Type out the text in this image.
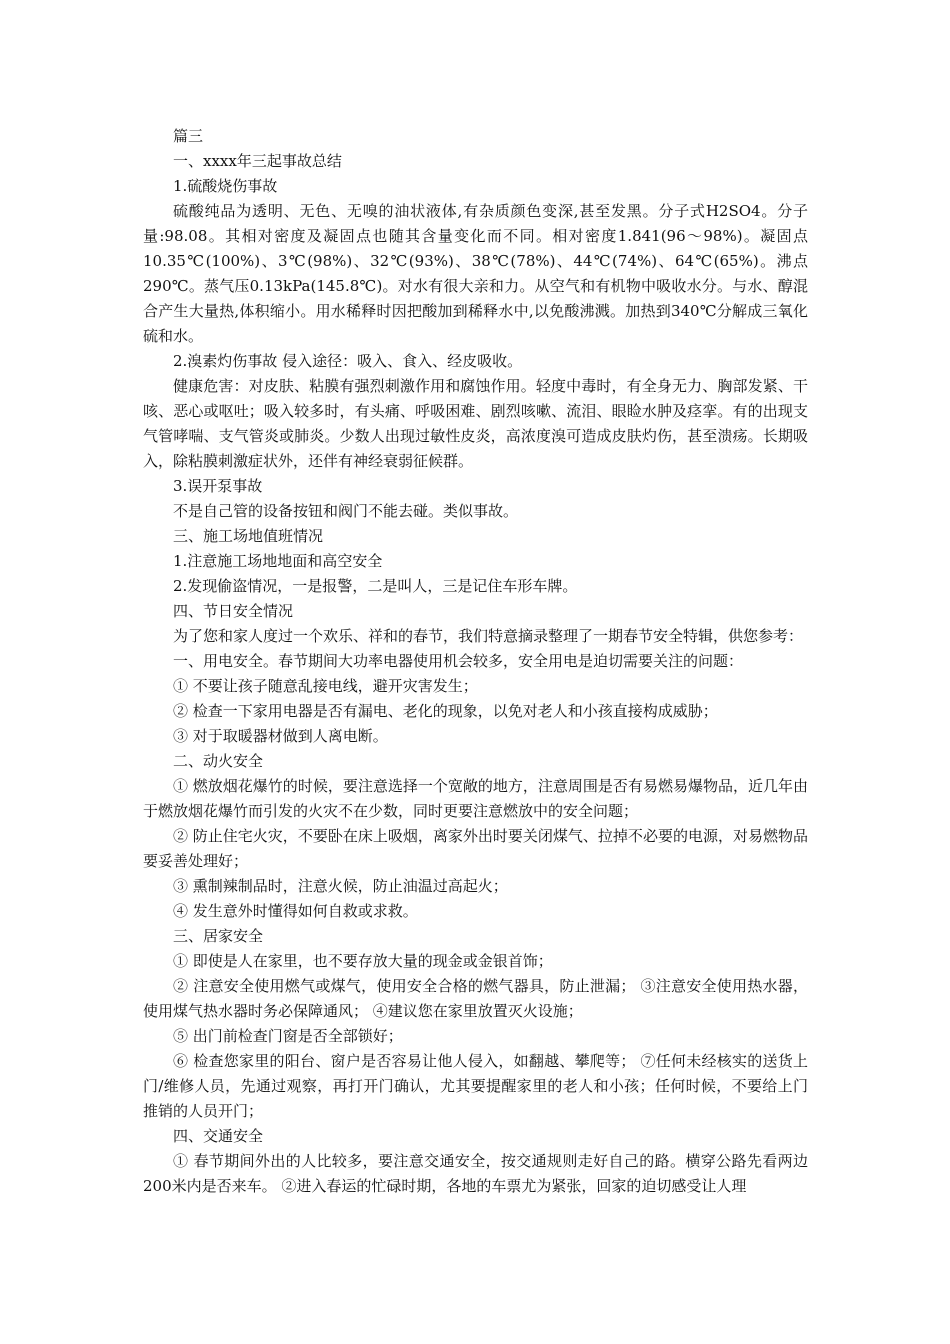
篇三

一、xxxx年三起事故总结

1.硫酸烧伤事故

硫酸纯品为透明、无色、无嗅的油状液体,有杂质颜色变深,甚至发黑。分子式H2SO4。分子量:98.08。其相对密度及凝固点也随其含量变化而不同。相对密度1.841(96～98%)。凝固点10.35℃(100%)、3℃(98%)、32℃(93%)、38℃(78%)、44℃(74%)、64℃(65%)。沸点290℃。蒸气压0.13kPa(145.8℃)。对水有很大亲和力。从空气和有机物中吸收水分。与水、醇混合产生大量热,体积缩小。用水稀释时因把酸加到稀释水中,以免酸沸溅。加热到340℃分解成三氧化硫和水。

2.溴素灼伤事故 侵入途径：吸入、食入、经皮吸收。

健康危害：对皮肤、粘膜有强烈刺激作用和腐蚀作用。轻度中毒时，有全身无力、胸部发紧、干咳、恶心或呕吐；吸入较多时，有头痛、呼吸困难、剧烈咳嗽、流泪、眼睑水肿及痉挛。有的出现支气管哮喘、支气管炎或肺炎。少数人出现过敏性皮炎，高浓度溴可造成皮肤灼伤，甚至溃疡。长期吸入，除粘膜刺激症状外，还伴有神经衰弱征候群。

3.误开泵事故

不是自己管的设备按钮和阀门不能去碰。类似事故。

三、施工场地值班情况

1.注意施工场地地面和高空安全

2.发现偷盗情况，一是报警，二是叫人，三是记住车形车牌。

四、节日安全情况

为了您和家人度过一个欢乐、祥和的春节，我们特意摘录整理了一期春节安全特辑，供您参考：

一、用电安全。春节期间大功率电器使用机会较多，安全用电是迫切需要关注的问题：

① 不要让孩子随意乱接电线，避开灾害发生；

② 检查一下家用电器是否有漏电、老化的现象，以免对老人和小孩直接构成威胁；

③ 对于取暖器材做到人离电断。

二、动火安全

① 燃放烟花爆竹的时候，要注意选择一个宽敞的地方，注意周围是否有易燃易爆物品，近几年由于燃放烟花爆竹而引发的火灾不在少数，同时更要注意燃放中的安全问题；

② 防止住宅火灾，不要卧在床上吸烟，离家外出时要关闭煤气、拉掉不必要的电源，对易燃物品要妥善处理好；

③ 熏制辣制品时，注意火候，防止油温过高起火；

④ 发生意外时懂得如何自救或求救。

三、居家安全

① 即使是人在家里，也不要存放大量的现金或金银首饰；

② 注意安全使用燃气或煤气，使用安全合格的燃气器具，防止泄漏； ③注意安全使用热水器，使用煤气热水器时务必保障通风； ④建议您在家里放置灭火设施；

⑤ 出门前检查门窗是否全部锁好；

⑥ 检查您家里的阳台、窗户是否容易让他人侵入，如翻越、攀爬等； ⑦任何未经核实的送货上门/维修人员，先通过观察，再打开门确认，尤其要提醒家里的老人和小孩；任何时候，不要给上门推销的人员开门；

四、交通安全

① 春节期间外出的人比较多，要注意交通安全，按交通规则走好自己的路。横穿公路先看两边200米内是否来车。 ②进入春运的忙碌时期，各地的车票尤为紧张，回家的迫切感受让人理
